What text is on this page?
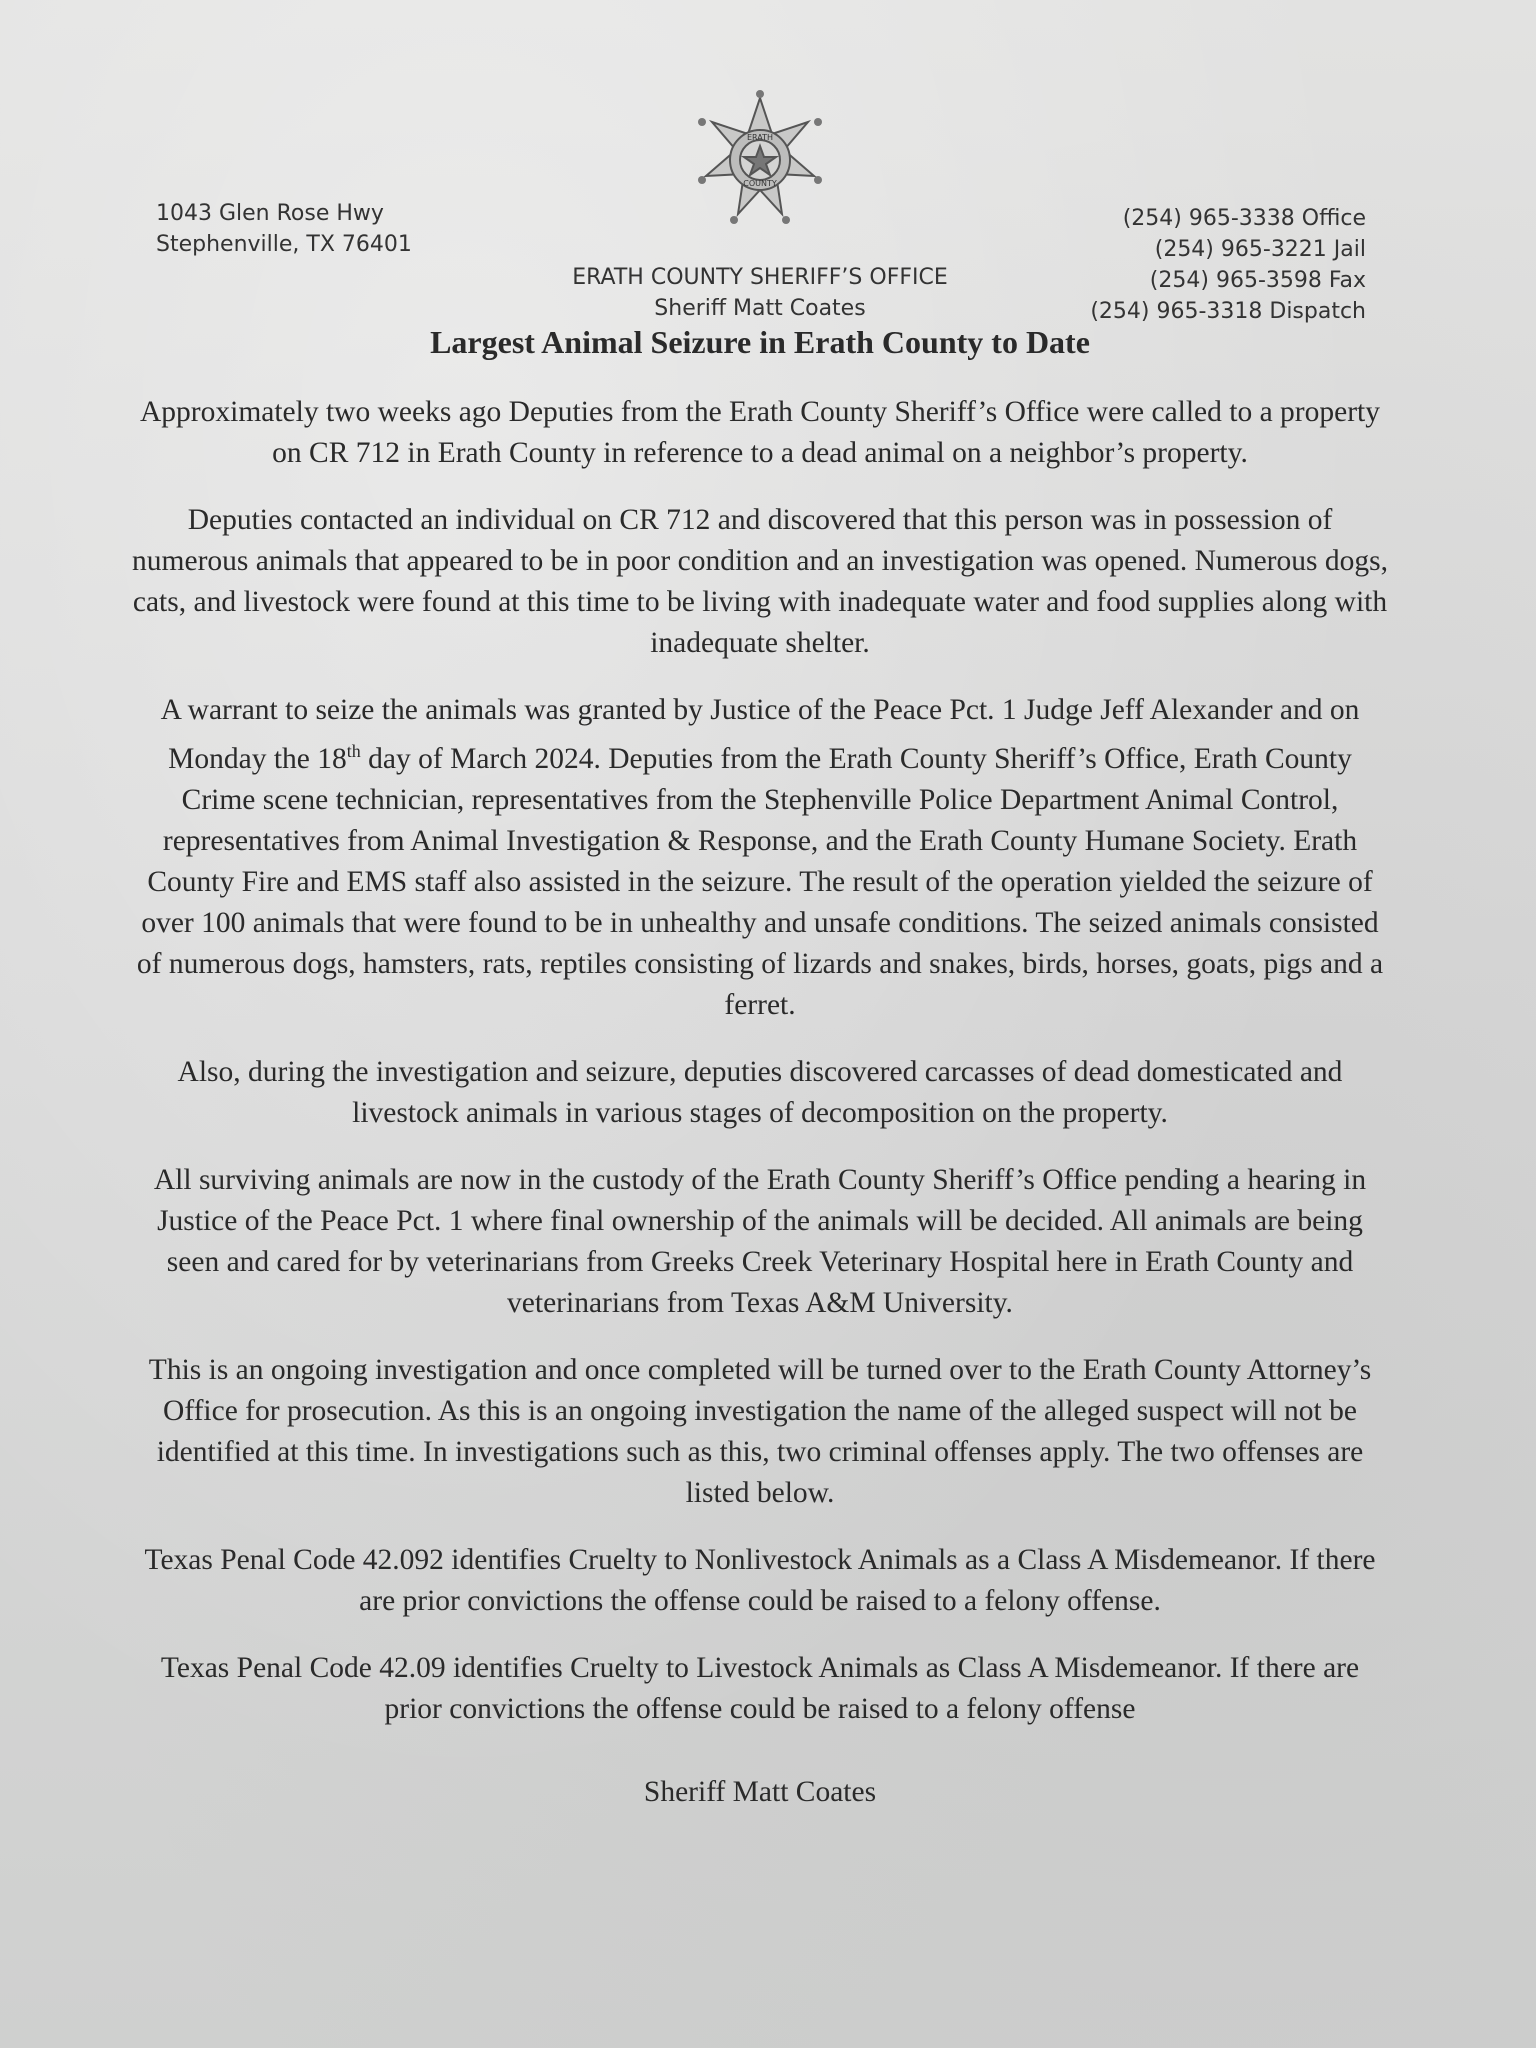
ERATH
COUNTY
1043 Glen Rose Hwy
Stephenville, TX 76401
(254) 965-3338 Office
(254) 965-3221 Jail
(254) 965-3598 Fax
(254) 965-3318 Dispatch
ERATH COUNTY SHERIFF’S OFFICE
Sheriff Matt Coates
Largest Animal Seizure in Erath County to Date

Approximately two weeks ago Deputies from the Erath County Sheriff’s Office were called to a property on CR 712 in Erath County in reference to a dead animal on a neighbor’s property.

Deputies contacted an individual on CR 712 and discovered that this person was in possession of numerous animals that appeared to be in poor condition and an investigation was opened. Numerous dogs, cats, and livestock were found at this time to be living with inadequate water and food supplies along with inadequate shelter.

A warrant to seize the animals was granted by Justice of the Peace Pct. 1 Judge Jeff Alexander and on Monday the 18th day of March 2024. Deputies from the Erath County Sheriff’s Office, Erath County Crime scene technician, representatives from the Stephenville Police Department Animal Control, representatives from Animal Investigation & Response, and the Erath County Humane Society. Erath County Fire and EMS staff also assisted in the seizure. The result of the operation yielded the seizure of over 100 animals that were found to be in unhealthy and unsafe conditions. The seized animals consisted of numerous dogs, hamsters, rats, reptiles consisting of lizards and snakes, birds, horses, goats, pigs and a ferret.

Also, during the investigation and seizure, deputies discovered carcasses of dead domesticated and livestock animals in various stages of decomposition on the property.

All surviving animals are now in the custody of the Erath County Sheriff’s Office pending a hearing in Justice of the Peace Pct. 1 where final ownership of the animals will be decided. All animals are being seen and cared for by veterinarians from Greeks Creek Veterinary Hospital here in Erath County and veterinarians from Texas A&M University.

This is an ongoing investigation and once completed will be turned over to the Erath County Attorney’s Office for prosecution. As this is an ongoing investigation the name of the alleged suspect will not be identified at this time. In investigations such as this, two criminal offenses apply. The two offenses are listed below.

Texas Penal Code 42.092 identifies Cruelty to Nonlivestock Animals as a Class A Misdemeanor. If there are prior convictions the offense could be raised to a felony offense.

Texas Penal Code 42.09 identifies Cruelty to Livestock Animals as Class A Misdemeanor. If there are prior convictions the offense could be raised to a felony offense

Sheriff Matt Coates
